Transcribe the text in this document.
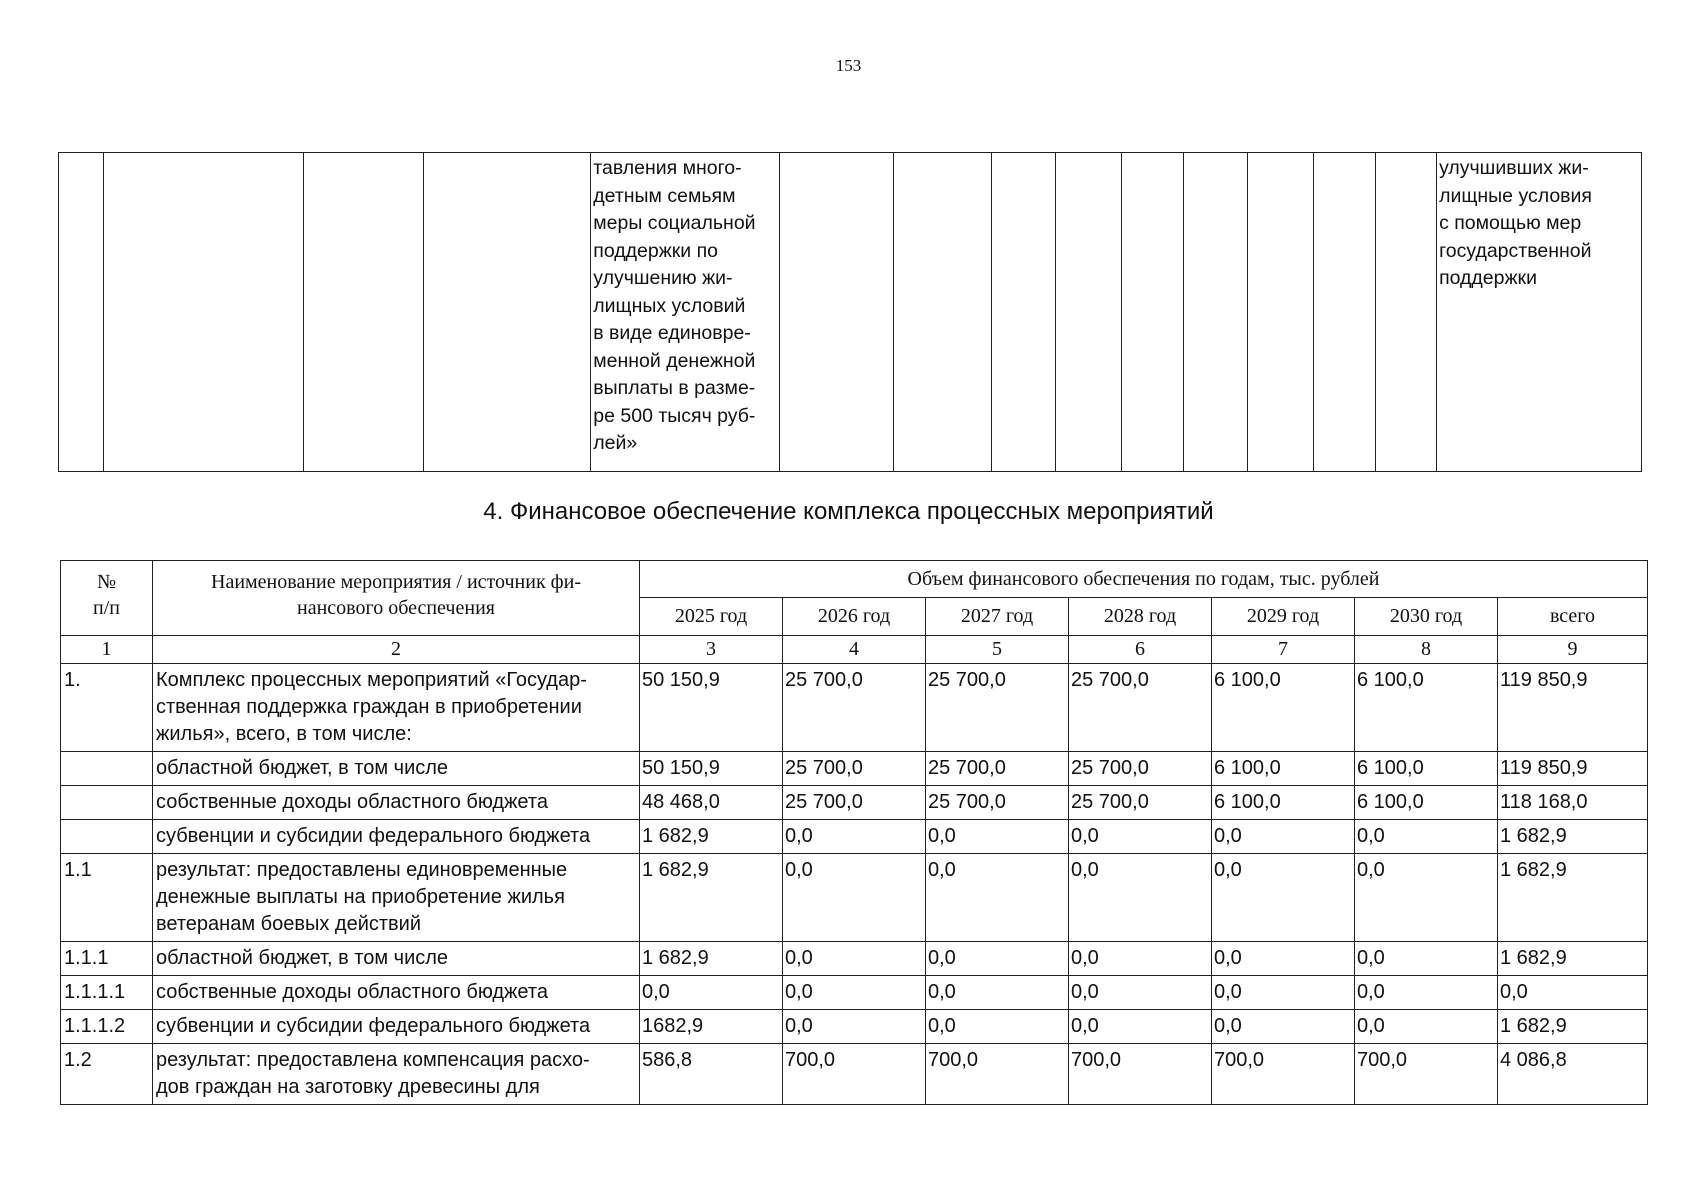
153

тавления много-
детным семьям
меры социальной
поддержки по
улучшению жи-
лищных условий
в виде единовре-
менной денежной
выплаты в разме-
ре 500 тысяч руб-
лей»

улучшивших жи-
лищные условия
с помощью мер
государственной
поддержки
4. Финансовое обеспечение комплекса процессных мероприятий
№
п/п	Наименование мероприятия / источник фи-
нансового обеспечения	Объем финансового обеспечения по годам, тыс. рублей						
		2025 год	2026 год	2027 год	2028 год	2029 год	2030 год	всего
1	2	3	4	5	6	7	8	9
1.	Комплекс процессных мероприятий «Государ-
ственная поддержка граждан в приобретении
жилья», всего, в том числе:	50 150,9	25 700,0	25 700,0	25 700,0	6 100,0	6 100,0	119 850,9
	областной бюджет, в том числе	50 150,9	25 700,0	25 700,0	25 700,0	6 100,0	6 100,0	119 850,9
	собственные доходы областного бюджета	48 468,0	25 700,0	25 700,0	25 700,0	6 100,0	6 100,0	118 168,0
	субвенции и субсидии федерального бюджета	1 682,9	0,0	0,0	0,0	0,0	0,0	1 682,9
1.1	результат: предоставлены единовременные
денежные выплаты на приобретение жилья
ветеранам боевых действий	1 682,9	0,0	0,0	0,0	0,0	0,0	1 682,9
1.1.1	областной бюджет, в том числе	1 682,9	0,0	0,0	0,0	0,0	0,0	1 682,9
1.1.1.1	собственные доходы областного бюджета	0,0	0,0	0,0	0,0	0,0	0,0	0,0
1.1.1.2	субвенции и субсидии федерального бюджета	1682,9	0,0	0,0	0,0	0,0	0,0	1 682,9
1.2	результат: предоставлена компенсация расхо-
дов граждан на заготовку древесины для	586,8	700,0	700,0	700,0	700,0	700,0	4 086,8
